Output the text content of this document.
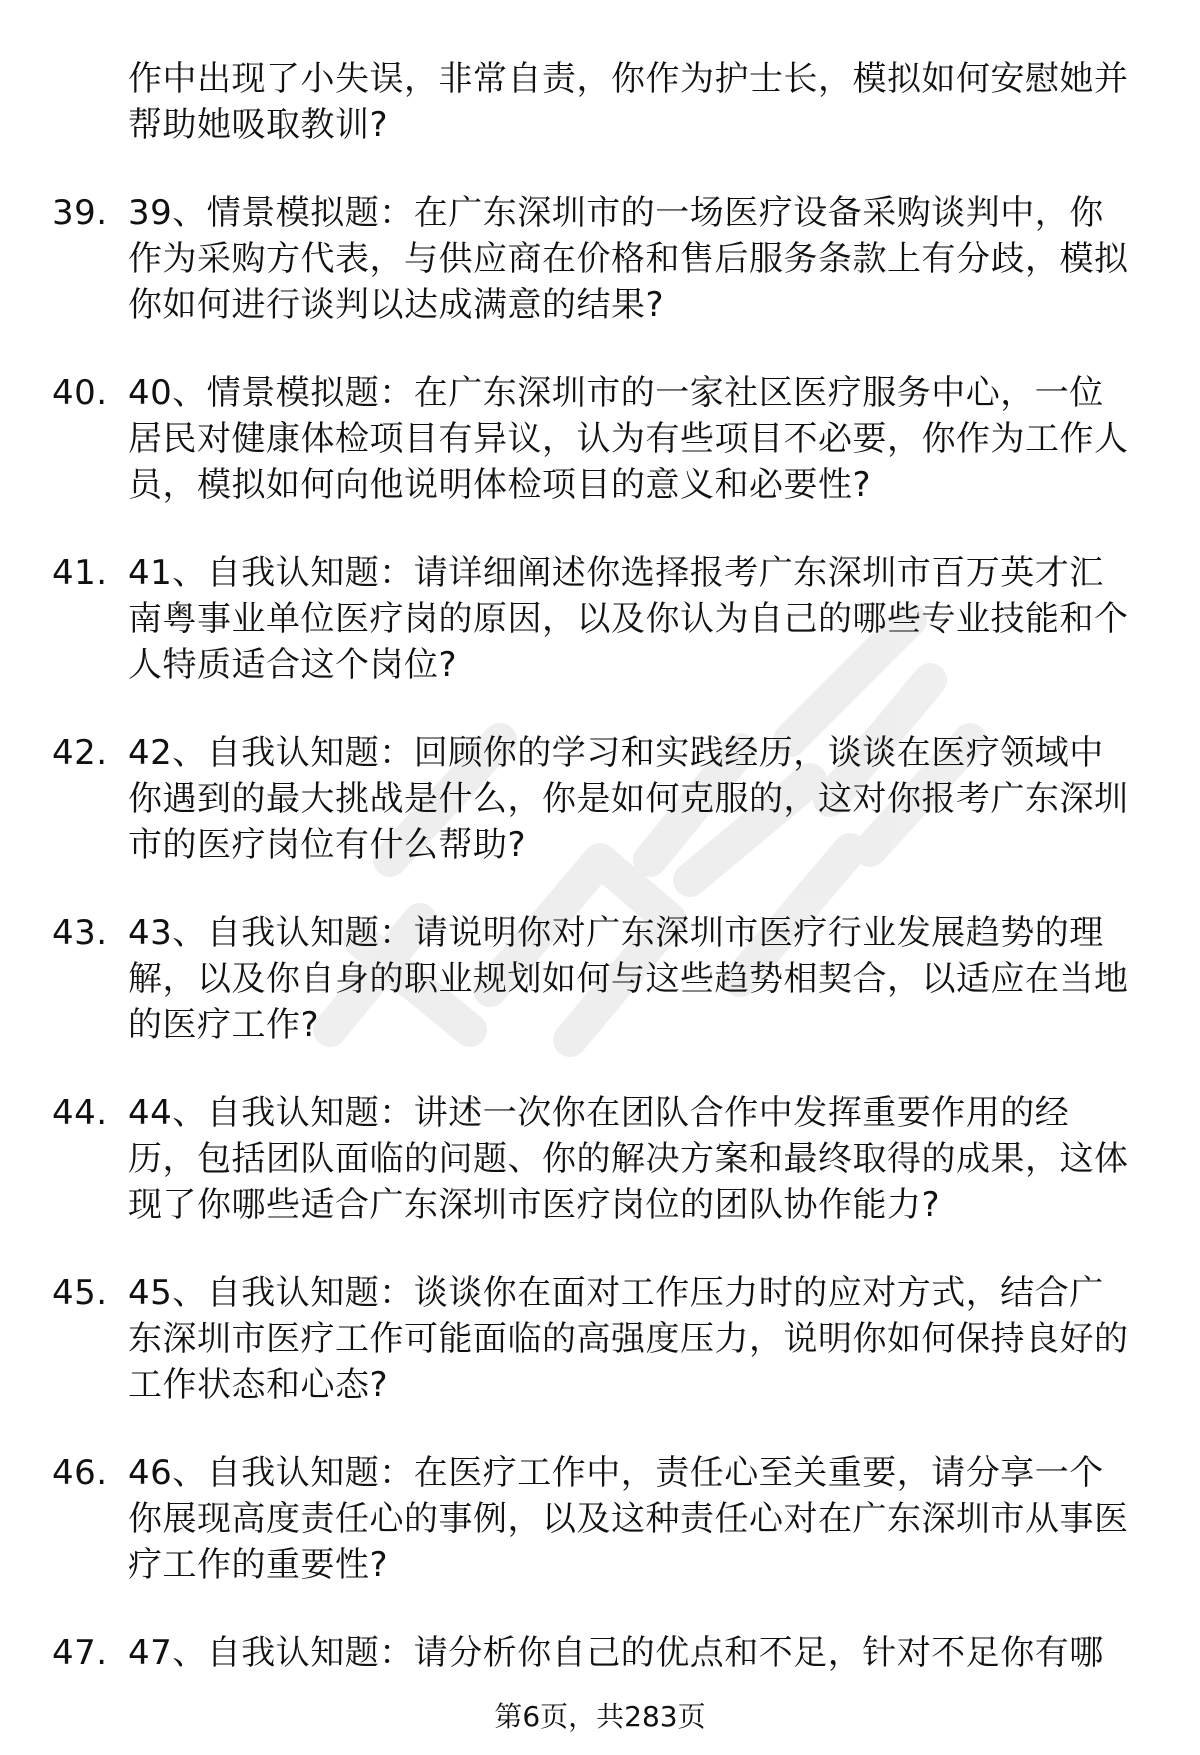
作中出现了小失误，非常自责，你作为护士长，模拟如何安慰她并帮助她吸取教训?
39. 39、情景模拟题：在广东深圳市的一场医疗设备采购谈判中，你作为采购方代表，与供应商在价格和售后服务条款上有分歧，模拟你如何进行谈判以达成满意的结果?
40. 40、情景模拟题：在广东深圳市的一家社区医疗服务中心，一位居民对健康体检项目有异议，认为有些项目不必要，你作为工作人员，模拟如何向他说明体检项目的意义和必要性?
41. 41、自我认知题：请详细阐述你选择报考广东深圳市百万英才汇南粤事业单位医疗岗的原因，以及你认为自己的哪些专业技能和个人特质适合这个岗位?
42. 42、自我认知题：回顾你的学习和实践经历，谈谈在医疗领域中你遇到的最大挑战是什么，你是如何克服的，这对你报考广东深圳市的医疗岗位有什么帮助?
43. 43、自我认知题：请说明你对广东深圳市医疗行业发展趋势的理解，以及你自身的职业规划如何与这些趋势相契合，以适应在当地的医疗工作?
44. 44、自我认知题：讲述一次你在团队合作中发挥重要作用的经历，包括团队面临的问题、你的解决方案和最终取得的成果，这体现了你哪些适合广东深圳市医疗岗位的团队协作能力?
45. 45、自我认知题：谈谈你在面对工作压力时的应对方式，结合广东深圳市医疗工作可能面临的高强度压力，说明你如何保持良好的工作状态和心态?
46. 46、自我认知题：在医疗工作中，责任心至关重要，请分享一个你展现高度责任心的事例，以及这种责任心对在广东深圳市从事医疗工作的重要性?
47. 47、自我认知题：请分析你自己的优点和不足，针对不足你有哪
第6页，共283页
